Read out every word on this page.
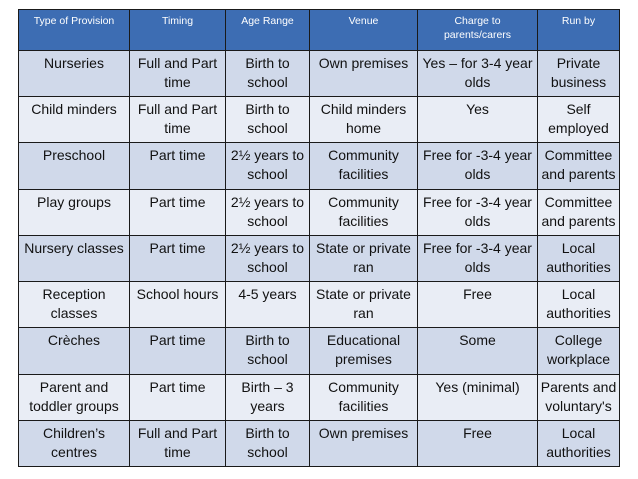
Type of Provision	Timing	Age Range	Venue	Charge to parents/carers	Run by
Nurseries	Full and Part time	Birth to school	Own premises	Yes – for 3-4 year olds	Private business
Child minders	Full and Part time	Birth to school	Child minders home	Yes	Self employed
Preschool	Part time	2½ years to school	Community facilities	Free for -3-4 year olds	Committee and parents
Play groups	Part time	2½ years to school	Community facilities	Free for -3-4 year olds	Committee and parents
Nursery classes	Part time	2½ years to school	State or private ran	Free for -3-4 year olds	Local authorities
Reception classes	School hours	4-5 years	State or private ran	Free	Local authorities
Crèches	Part time	Birth to school	Educational premises	Some	College workplace
Parent and toddler groups	Part time	Birth – 3 years	Community facilities	Yes (minimal)	Parents and voluntary's
Children’s centres	Full and Part time	Birth to school	Own premises	Free	Local authorities
